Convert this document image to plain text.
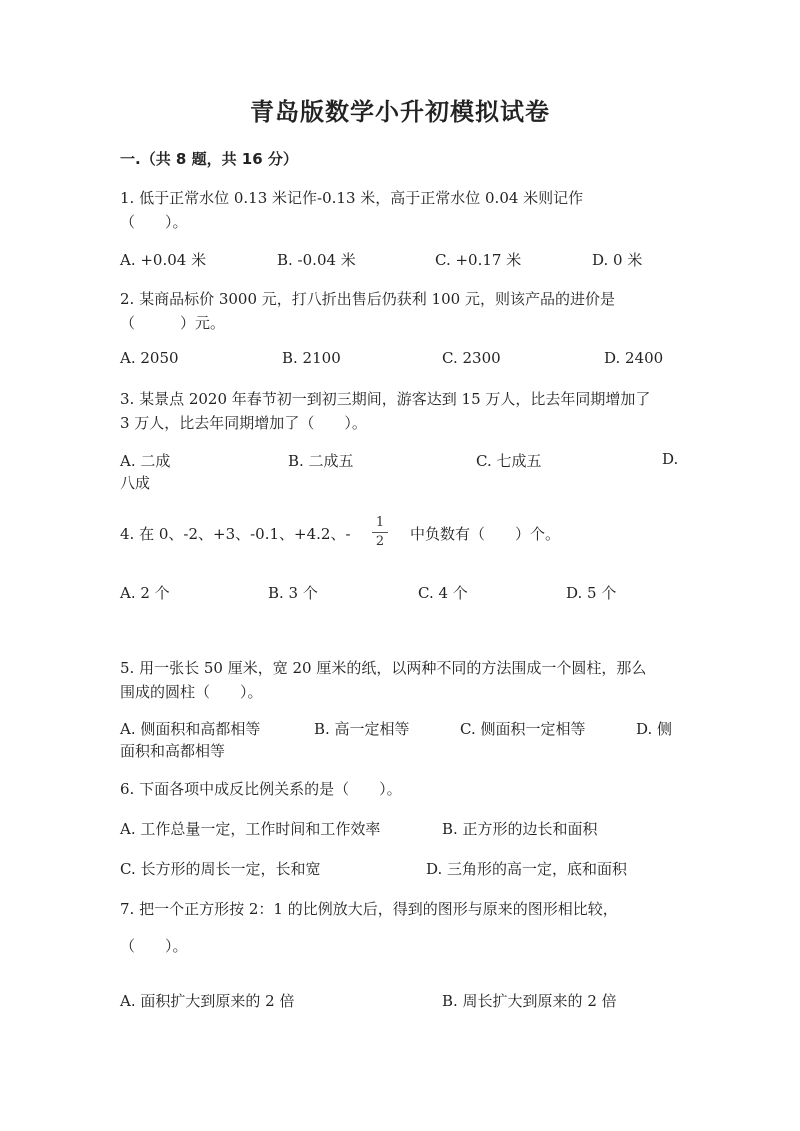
青岛版数学小升初模拟试卷
一.（共 8 题，共 16 分）
1. 低于正常水位 0.13 米记作-0.13 米，高于正常水位 0.04 米则记作
（　　）。
A. +0.04 米	B. -0.04 米	C. +0.17 米	D. 0 米
2. 某商品标价 3000 元，打八折出售后仍获利 100 元，则该产品的进价是
（　　　）元。
A. 2050	B. 2100	C. 2300	D. 2400
3. 某景点 2020 年春节初一到初三期间，游客达到 15 万人，比去年同期增加了
3 万人，比去年同期增加了（　　）。
A. 二成	B. 二成五	C. 七成五	D.
八成
4. 在 0、-2、+3、-0.1、+4.2、-
1
2 中负数有（　　）个。
A. 2 个	B. 3 个	C. 4 个	D. 5 个
5. 用一张长 50 厘米，宽 20 厘米的纸，以两种不同的方法围成一个圆柱，那么
围成的圆柱（　　）。
A. 侧面积和高都相等	B. 高一定相等	C. 侧面积一定相等	D. 侧
面积和高都相等
6. 下面各项中成反比例关系的是（　　）。
A. 工作总量一定，工作时间和工作效率	B. 正方形的边长和面积
C. 长方形的周长一定，长和宽	D. 三角形的高一定，底和面积
7. 把一个正方形按 2：1 的比例放大后，得到的图形与原来的图形相比较，
（　　）。
A. 面积扩大到原来的 2 倍	B. 周长扩大到原来的 2 倍
